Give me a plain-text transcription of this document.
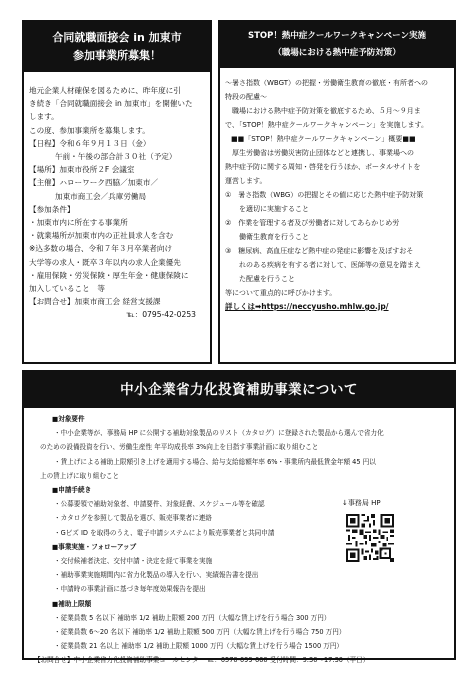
合同就職面接会 in 加東市
参加事業所募集！
地元企業人材確保を図るために、昨年度に引
き続き「合同就職面接会 in 加東市」を開催いた
します。
この度、参加事業所を募集します。
【日程】令和６年９月１３日（金）
午前・午後の部合計３０社（予定）
【場所】加東市役所２F 会議室
【主催】ハローワーク西脇／加東市／
加東市商工会／兵庫労働局
【参加条件】
・加東市内に所在する事業所
・就業場所が加東市内の正社員求人を含む
※込多数の場合、令和７年３月卒業者向け
大学等の求人・既卒３年以内の求人企業優先
・雇用保険・労災保険・厚生年金・健康保険に
加入していること　等
【お問合せ】加東市商工会 経営支援課
℡：0795-42-0253
STOP！熱中症クールワークキャンペーン実施
（職場における熱中症予防対策）
〜暑さ指数（WBGT）の把握・労働衛生教育の徹底・有所者への
特段の配慮〜
　職場における熱中症予防対策を徹底するため、５月〜９月ま
で、「STOP！熱中症クールワークキャンペーン」を実施します。
■■「STOP！熱中症クールワークキャンペーン」概要■■
　厚生労働省は労働災害防止団体などと連携し、事業場への
熱中症予防に関する周知・啓発を行うほか、ポータルサイトを
運営します。
①　暑さ指数（WBG）の把握とその値に応じた熱中症予防対策
　　を適切に実施すること
②　作業を管理する者及び労働者に対してあらかじめ労
　　働衛生教育を行うこと
③　糖尿病、高血圧症など熱中症の発症に影響を及ぼすおそ
　　れのある疾病を有する者に対して、医師等の意見を踏まえ
　　た配慮を行うこと
等について重点的に呼びかけます。
詳しくは➡https://neccyusho.mhlw.go.jp/
中小企業省力化投資補助事業について
■対象要件
・中小企業等が、事務局 HP に公開する補助対象製品のリスト（カタログ）に登録された製品から選んで省力化
のための設備投資を行い、労働生産性 年平均成長率 3%向上を目指す事業計画に取り組むこと
・賃上げによる補助上限額引き上げを適用する場合、給与支給総額年率 6%・事業所内最低賃金年額 45 円以
上の賃上げに取り組むこと
■申請手続き
・公募要領で補助対象者、申請要件、対象経費、スケジュール等を確認
・カタログを参照して製品を選び、販売事業者に連絡
・Gビズ ID を取得のうえ、電子申請システムにより販売事業者と共同申請
■事業実施・フォローアップ
・交付候補者決定、交付申請・決定を経て事業を実施
・補助事業実施期間内に省力化製品の導入を行い、実績報告書を提出
・申請時の事業計画に基づき毎年度効果報告を提出
■補助上限額
・従業員数 5 名以下 補助率 1/2 補助上限額 200 万円（大幅な賃上げを行う場合 300 万円）
・従業員数 6〜20 名以下 補助率 1/2 補助上限額 500 万円（大幅な賃上げを行う場合 750 万円）
・従業員数 21 名以上 補助率 1/2 補助上限額 1000 万円（大幅な賃上げを行う場合 1500 万円）
【お問合せ】中小企業省力化投資補助事業コールセンター ℡：0570-099-660 受付時間：9:30〜17:30（平日）
↓事務局 HP
